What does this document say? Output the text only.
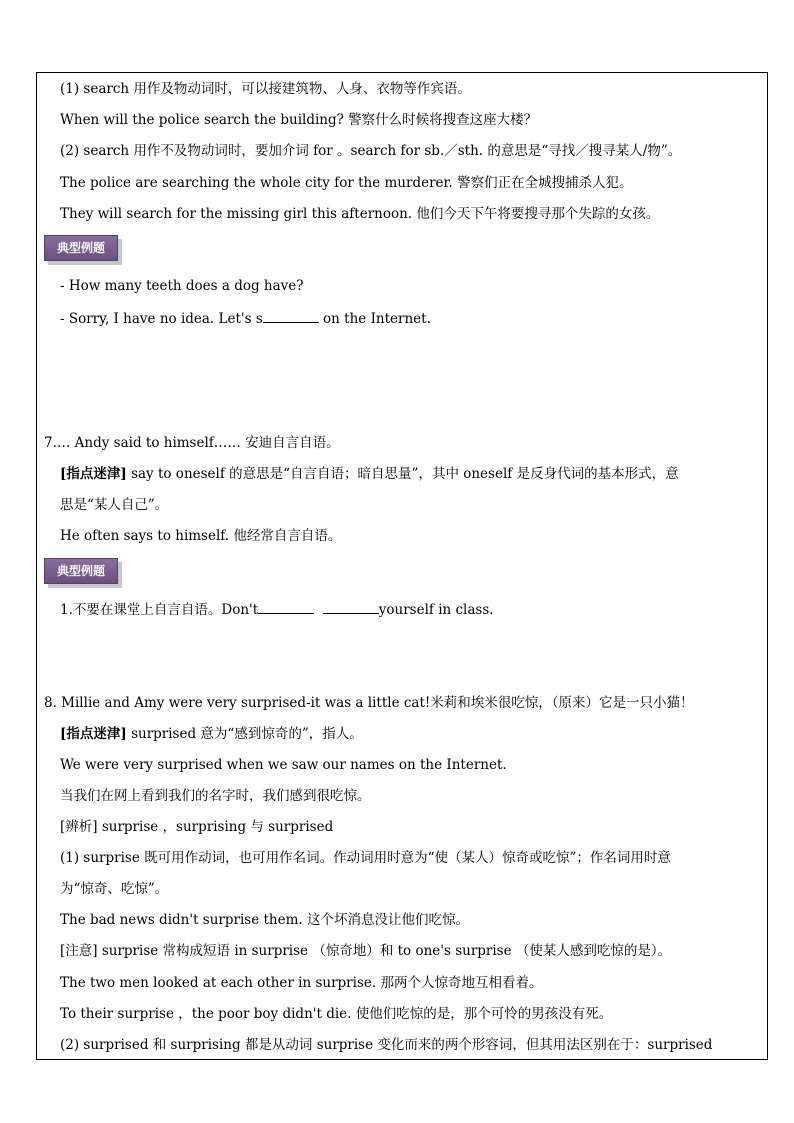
(1) search 用作及物动词时，可以接建筑物、人身、衣物等作宾语。
When will the police search the building? 警察什么时候将搜查这座大楼？
(2) search 用作不及物动词时，要加介词 for 。search for sb.／sth. 的意思是“寻找／搜寻某人/物”。
The police are searching the whole city for the murderer. 警察们正在全城搜捕杀人犯。
They will search for the missing girl this afternoon. 他们今天下午将要搜寻那个失踪的女孩。
典型例题
- How many teeth does a dog have?
- Sorry, I have no idea. Let's s	on the Internet.
7.… Andy said to himself…… 安迪自言自语。
[指点迷津] say to oneself 的意思是“自言自语；暗自思量”，其中 oneself 是反身代词的基本形式，意
思是“某人自己”。
He often says to himself. 他经常自言自语。
典型例题
1.不要在课堂上自言自语。Don't	yourself in class.
8. Millie and Amy were very surprised-it was a little cat!米莉和埃米很吃惊，（原来）它是一只小猫！
[指点迷津] surprised 意为“感到惊奇的”，指人。
We were very surprised when we saw our names on the Internet.
当我们在网上看到我们的名字时，我们感到很吃惊。
[辨析] surprise ，surprising 与 surprised
(1) surprise 既可用作动词，也可用作名词。作动词用时意为“使（某人）惊奇或吃惊”；作名词用时意
为“惊奇、吃惊”。
The bad news didn't surprise them. 这个坏消息没让他们吃惊。
[注意] surprise 常构成短语 in surprise （惊奇地）和 to one's surprise （使某人感到吃惊的是）。
The two men looked at each other in surprise. 那两个人惊奇地互相看着。
To their surprise ，the poor boy didn't die. 使他们吃惊的是，那个可怜的男孩没有死。
(2) surprised 和 surprising 都是从动词 surprise 变化而来的两个形容词，但其用法区别在于：surprised
